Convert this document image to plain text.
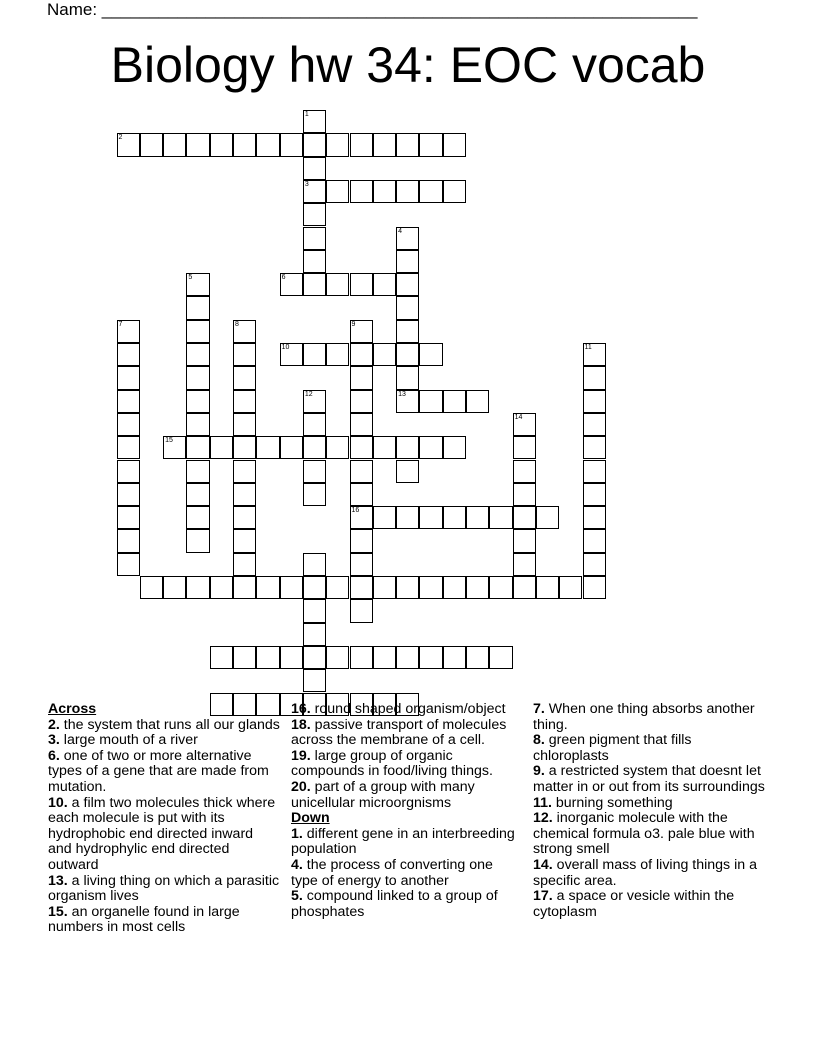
Name: _______________________________________________________________
Biology hw 34: EOC vocab
1
2
3
4
5	6
7	8	9
10	11
12	13
14
15
16
Across
2. the system that runs all our glands
3. large mouth of a river
6. one of two or more alternative types of a gene that are made from mutation.
10. a film two molecules thick where each molecule is put with its hydrophobic end directed inward and hydrophylic end directed outward
13. a living thing on which a parasitic organism lives
15. an organelle found in large numbers in most cells
16. round shaped organism/object
18. passive transport of molecules across the membrane of a cell.
19. large group of organic compounds in food/living things.
20. part of a group with many unicellular microorgnisms
Down
1. different gene in an interbreeding population
4. the process of converting one type of energy to another
5. compound linked to a group of phosphates
7. When one thing absorbs another thing.
8. green pigment that fills chloroplasts
9. a restricted system that doesnt let matter in or out from its surroundings
11. burning something
12. inorganic molecule with the chemical formula o3. pale blue with strong smell
14. overall mass of living things in a specific area.
17. a space or vesicle within the cytoplasm
